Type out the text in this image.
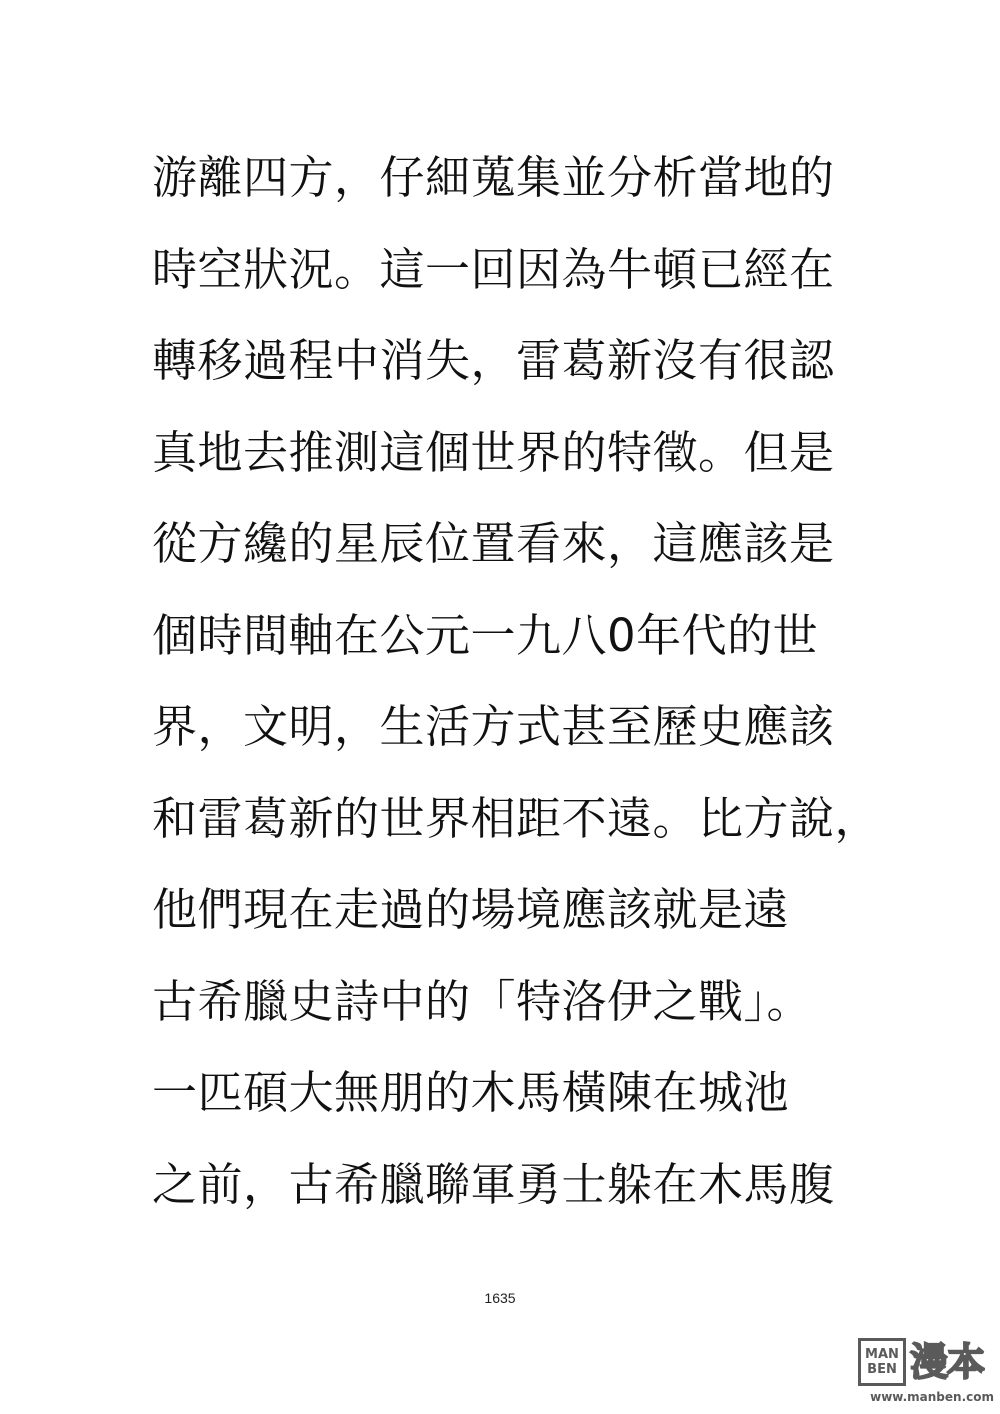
游離四方，仔細蒐集並分析當地的
時空狀況。這一回因為牛頓已經在
轉移過程中消失，雷葛新沒有很認
真地去推測這個世界的特徵。但是
從方纔的星辰位置看來，這應該是
個時間軸在公元一九八0年代的世
界，文明，生活方式甚至歷史應該
和雷葛新的世界相距不遠。比方說，
他們現在走過的場境應該就是遠
古希臘史詩中的「特洛伊之戰」。
一匹碩大無朋的木馬橫陳在城池
之前，古希臘聯軍勇士躲在木馬腹
1635
MAN
BEN 漫本
www.manben.com
